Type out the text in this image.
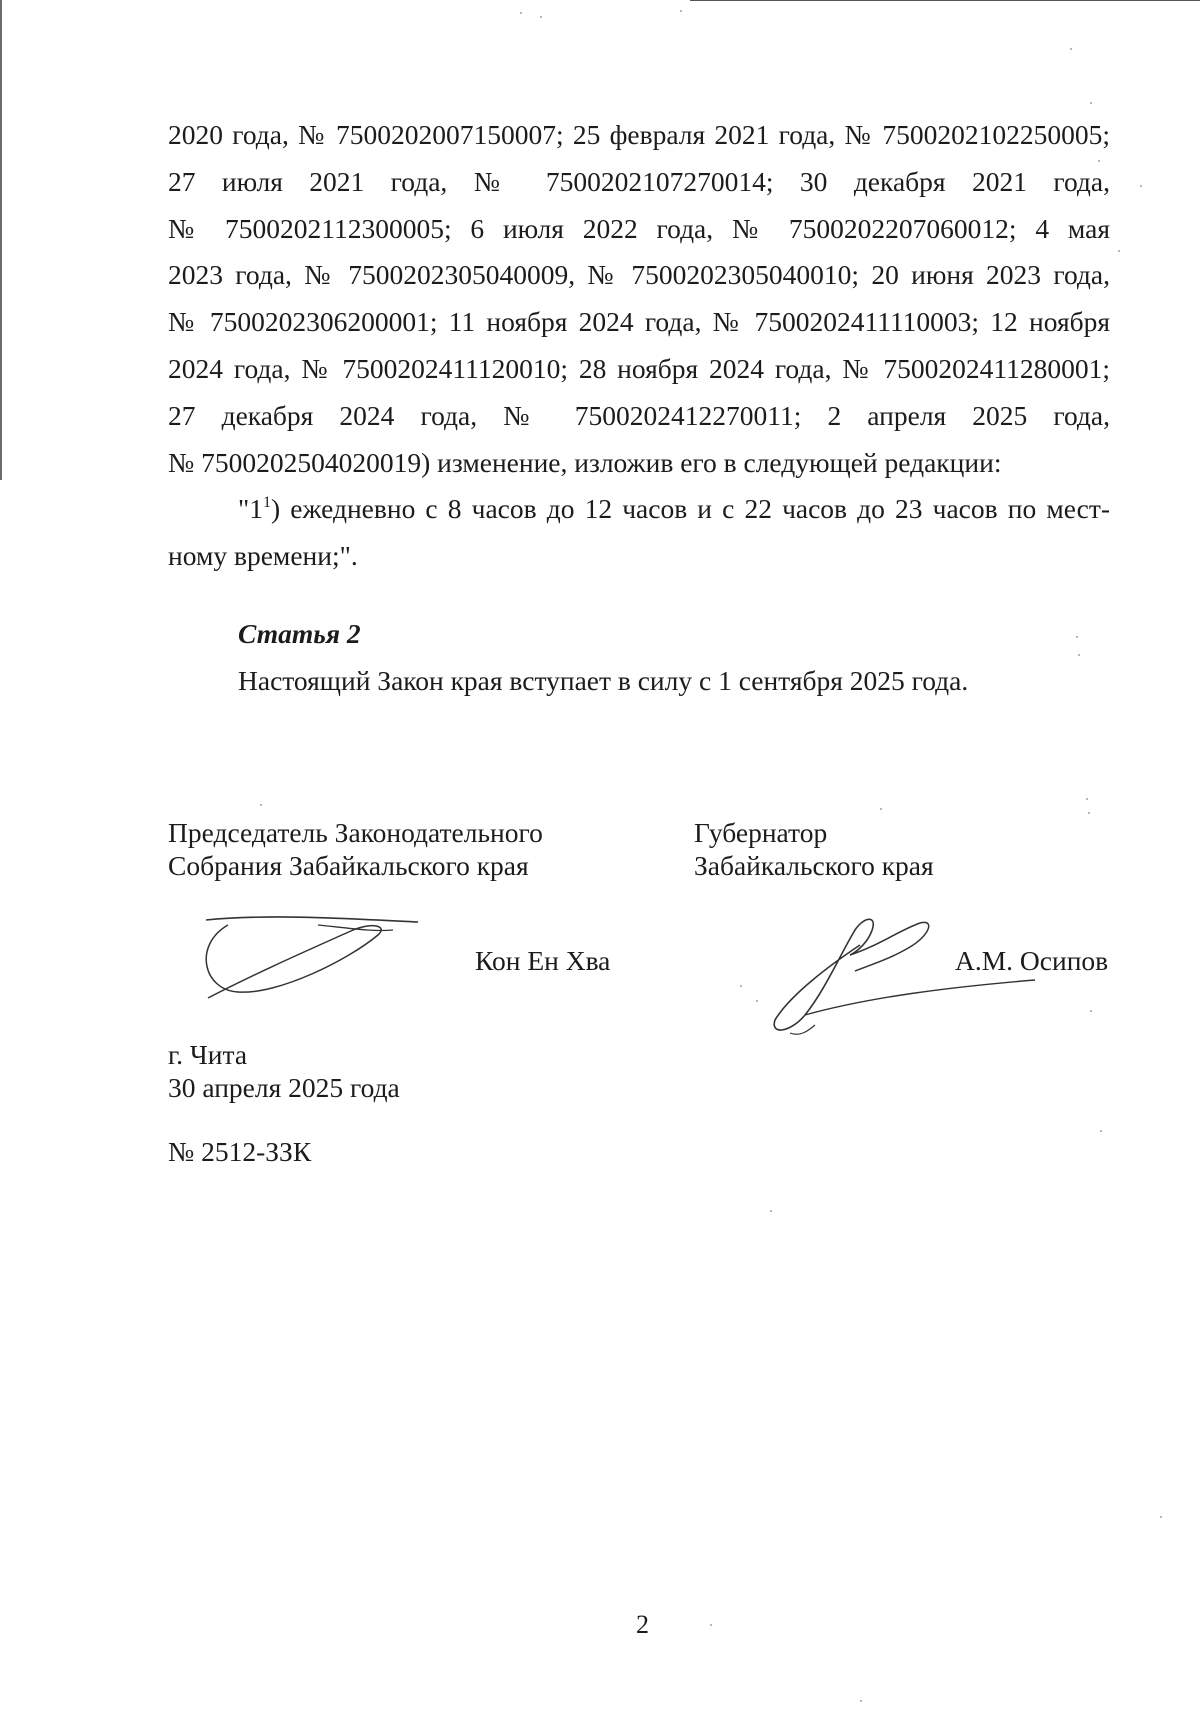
2020 года, № 7500202007150007; 25 февраля 2021 года, № 7500202102250005;
27 июля 2021 года, № 7500202107270014; 30 декабря 2021 года,
№ 7500202112300005; 6 июля 2022 года, № 7500202207060012; 4 мая
2023 года, № 7500202305040009, № 7500202305040010; 20 июня 2023 года,
№ 7500202306200001; 11 ноября 2024 года, № 7500202411110003; 12 ноября
2024 года, № 7500202411120010; 28 ноября 2024 года, № 7500202411280001;
27 декабря 2024 года, № 7500202412270011; 2 апреля 2025 года,
№ 7500202504020019) изменение, изложив его в следующей редакции:
"$1^1$) ежедневно с 8 часов до 12 часов и с 22 часов до 23 часов по мест-
ному времени;".
Статья 2
Настоящий Закон края вступает в силу с 1 сентября 2025 года.
Председатель Законодательного
Собрания Забайкальского края
Губернатор
Забайкальского края
Кон Ен Хва	А.М. Осипов
г. Чита
30 апреля 2025 года
№ 2512-ЗЗК
2
